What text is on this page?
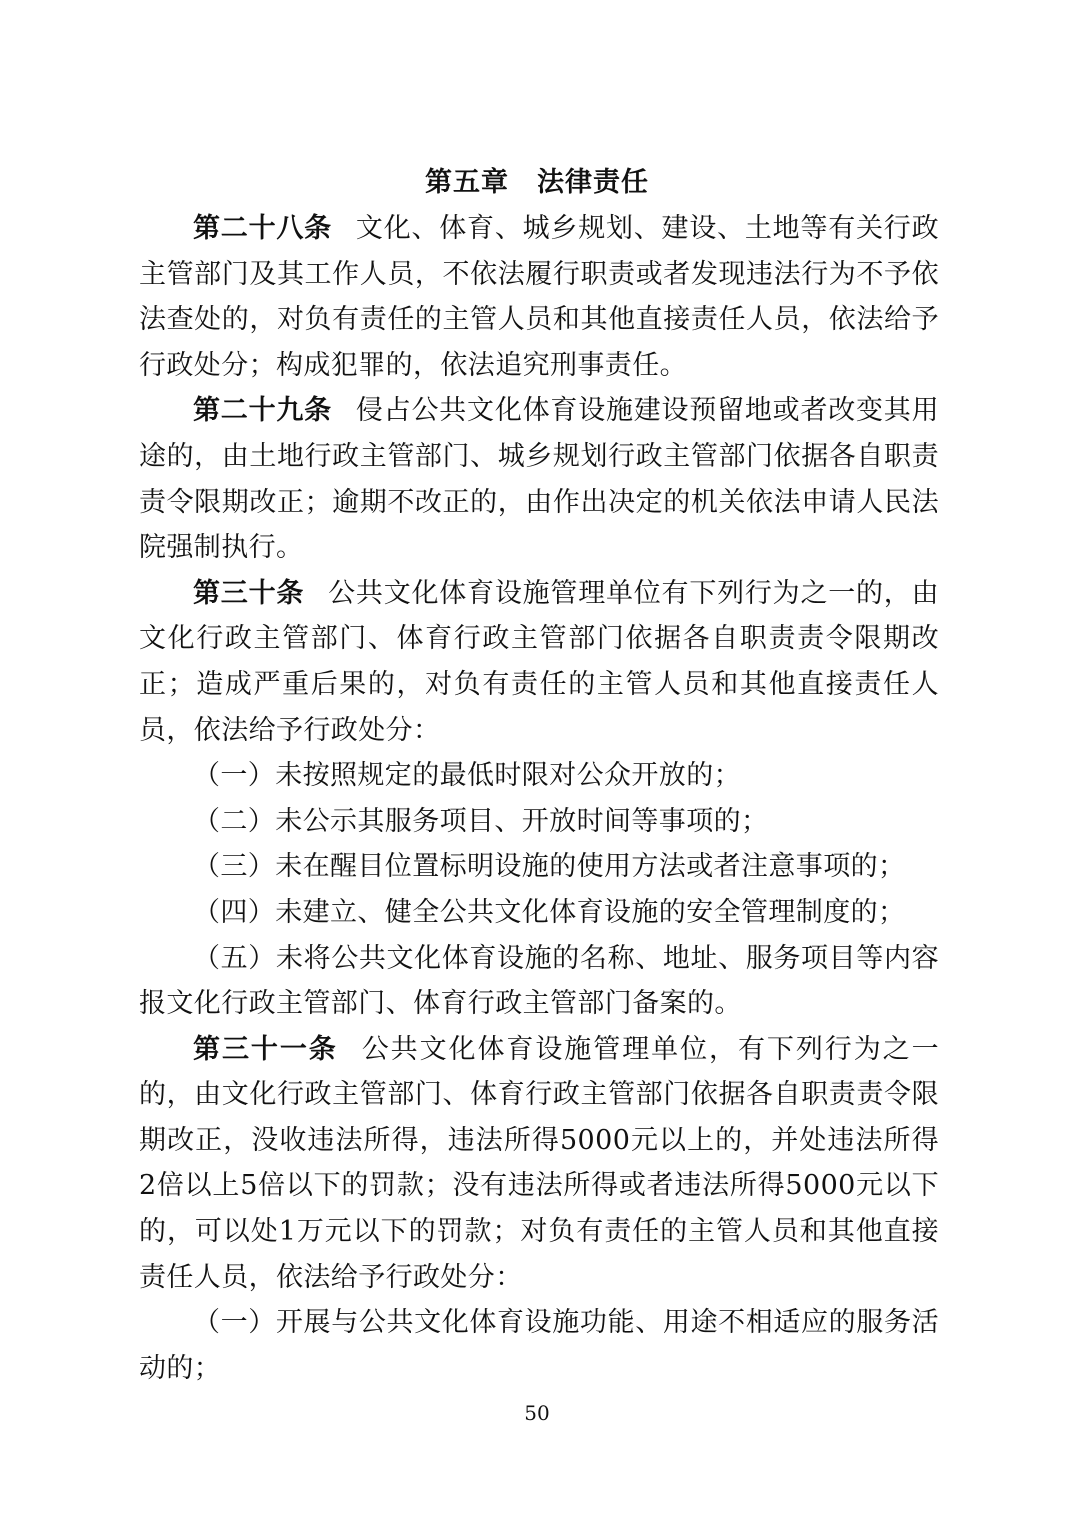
第五章　法律责任

第二十八条 文化、体育、城乡规划、建设、土地等有关行政主管部门及其工作人员，不依法履行职责或者发现违法行为不予依法查处的，对负有责任的主管人员和其他直接责任人员，依法给予行政处分；构成犯罪的，依法追究刑事责任。

第二十九条 侵占公共文化体育设施建设预留地或者改变其用途的，由土地行政主管部门、城乡规划行政主管部门依据各自职责责令限期改正；逾期不改正的，由作出决定的机关依法申请人民法院强制执行。

第三十条 公共文化体育设施管理单位有下列行为之一的，由文化行政主管部门、体育行政主管部门依据各自职责责令限期改正；造成严重后果的，对负有责任的主管人员和其他直接责任人员，依法给予行政处分：

（一）未按照规定的最低时限对公众开放的；

（二）未公示其服务项目、开放时间等事项的；

（三）未在醒目位置标明设施的使用方法或者注意事项的；

（四）未建立、健全公共文化体育设施的安全管理制度的；

（五）未将公共文化体育设施的名称、地址、服务项目等内容报文化行政主管部门、体育行政主管部门备案的。

第三十一条 公共文化体育设施管理单位，有下列行为之一的，由文化行政主管部门、体育行政主管部门依据各自职责责令限期改正，没收违法所得，违法所得5000元以上的，并处违法所得2倍以上5倍以下的罚款；没有违法所得或者违法所得5000元以下的，可以处1万元以下的罚款；对负有责任的主管人员和其他直接责任人员，依法给予行政处分：

（一）开展与公共文化体育设施功能、用途不相适应的服务活动的；

50
